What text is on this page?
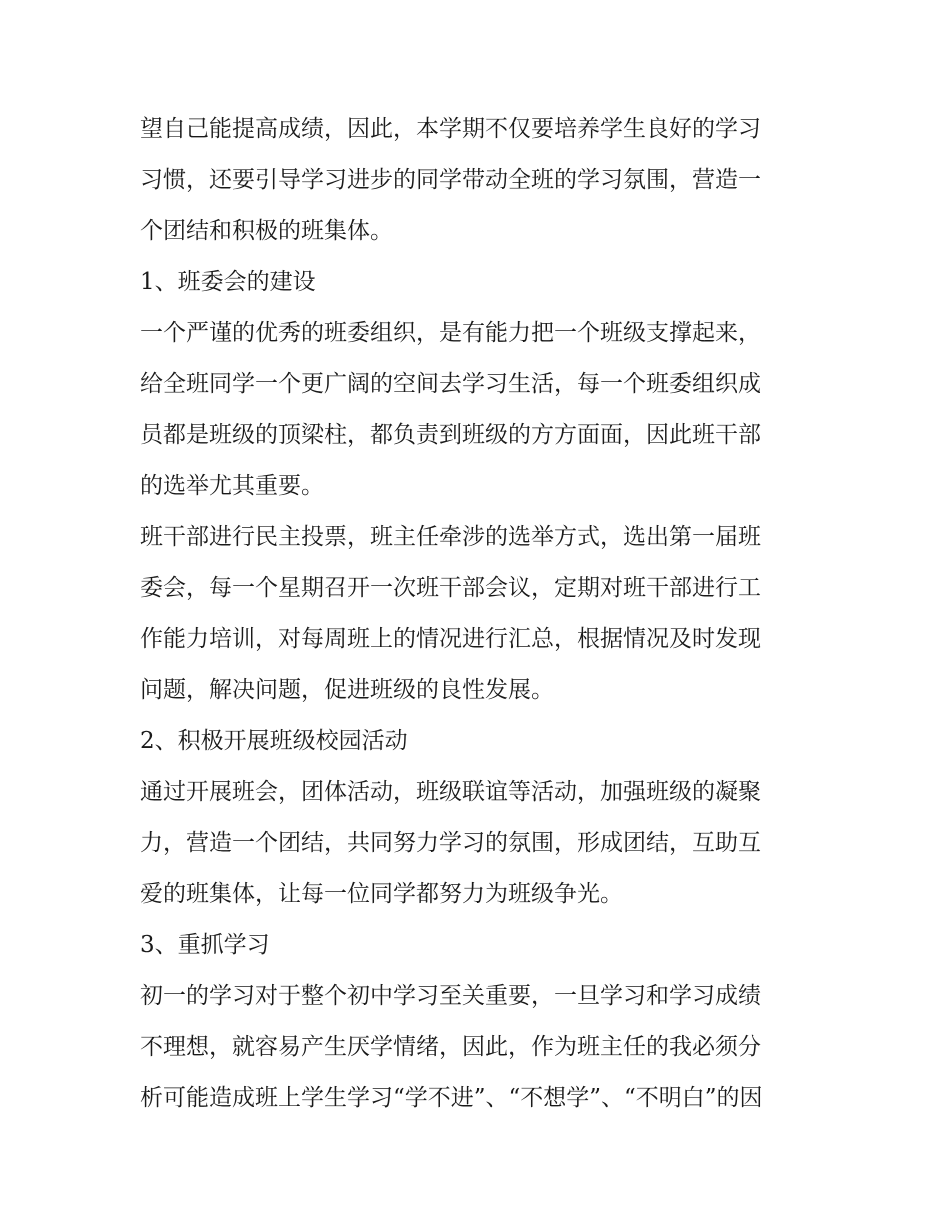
望自己能提高成绩，因此，本学期不仅要培养学生良好的学习
习惯，还要引导学习进步的同学带动全班的学习氛围，营造一
个团结和积极的班集体。
1、班委会的建设
一个严谨的优秀的班委组织，是有能力把一个班级支撑起来，
给全班同学一个更广阔的空间去学习生活，每一个班委组织成
员都是班级的顶梁柱，都负责到班级的方方面面，因此班干部
的选举尤其重要。
班干部进行民主投票，班主任牵涉的选举方式，选出第一届班
委会，每一个星期召开一次班干部会议，定期对班干部进行工
作能力培训，对每周班上的情况进行汇总，根据情况及时发现
问题，解决问题，促进班级的良性发展。
2、积极开展班级校园活动
通过开展班会，团体活动，班级联谊等活动，加强班级的凝聚
力，营造一个团结，共同努力学习的氛围，形成团结，互助互
爱的班集体，让每一位同学都努力为班级争光。
3、重抓学习
初一的学习对于整个初中学习至关重要，一旦学习和学习成绩
不理想，就容易产生厌学情绪，因此，作为班主任的我必须分
析可能造成班上学生学习“学不进”、“不想学”、“不明白”的因
